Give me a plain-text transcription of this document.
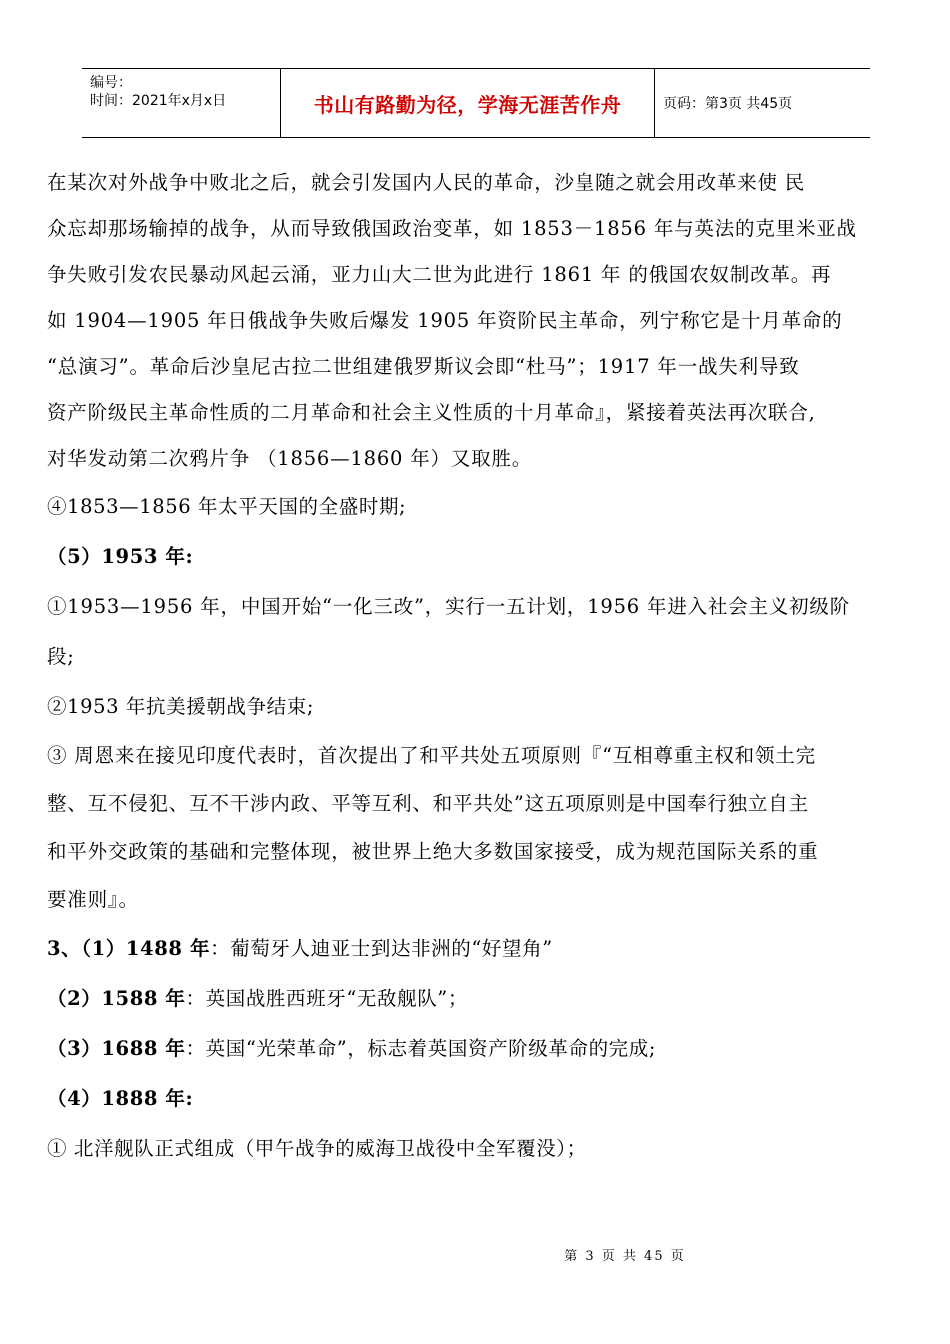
编号：
时间：2021年x月x日	书山有路勤为径，学海无涯苦作舟	页码：第3页 共45页

在某次对外战争中败北之后，就会引发国内人民的革命，沙皇随之就会用改革来使 民

众忘却那场输掉的战争，从而导致俄国政治变革，如 1853－1856 年与英法的克里米亚战

争失败引发农民暴动风起云涌，亚力山大二世为此进行 1861 年 的俄国农奴制改革。再

如 1904—1905 年日俄战争失败后爆发 1905 年资阶民主革命，列宁称它是十月革命的

“总演习”。革命后沙皇尼古拉二世组建俄罗斯议会即“杜马”；1917 年一战失利导致

资产阶级民主革命性质的二月革命和社会主义性质的十月革命』，紧接着英法再次联合,

对华发动第二次鸦片争 （1856—1860 年）又取胜。

④1853—1856 年太平天国的全盛时期;
（5）1953 年:

①1953—1956 年，中国开始“一化三改”，实行一五计划，1956 年进入社会主义初级阶

段;

②1953 年抗美援朝战争结束;

③ 周恩来在接见印度代表时，首次提出了和平共处五项原则『“互相尊重主权和领土完

整、互不侵犯、互不干涉内政、平等互利、和平共处”这五项原则是中国奉行独立自主

和平外交政策的基础和完整体现，被世界上绝大多数国家接受，成为规范国际关系的重

要准则』。

3、（1）1488 年：葡萄牙人迪亚士到达非洲的“好望角”
（2）1588 年：英国战胜西班牙“无敌舰队”；
（3）1688 年：英国“光荣革命”，标志着英国资产阶级革命的完成;
（4）1888 年:
① 北洋舰队正式组成（甲午战争的威海卫战役中全军覆没）；
第 3 页 共 45 页
